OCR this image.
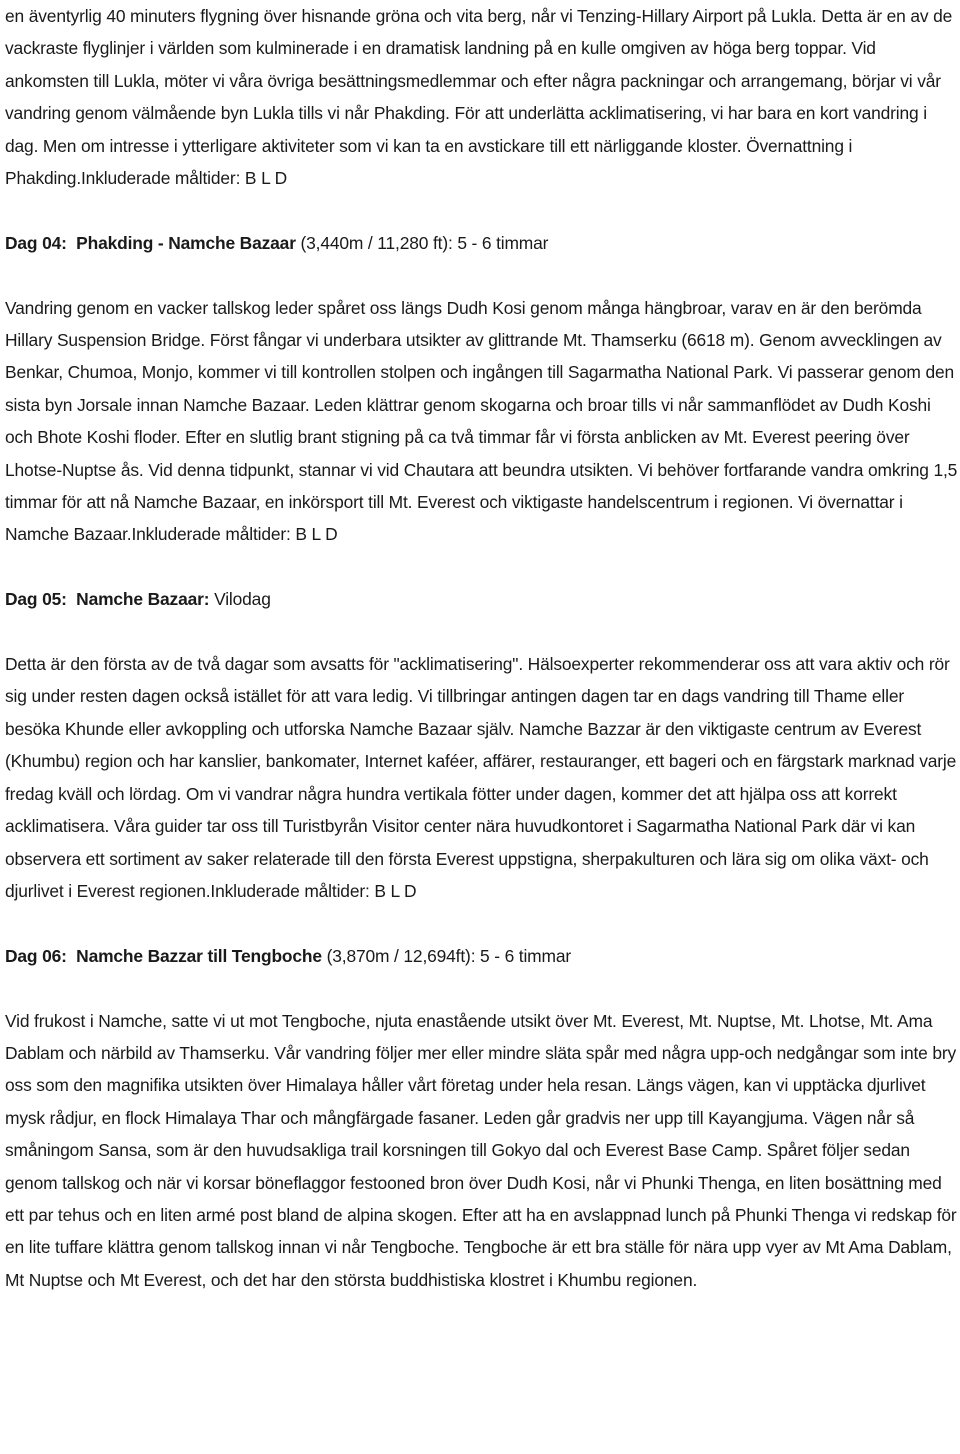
en äventyrlig 40 minuters flygning över hisnande gröna och vita berg, når vi Tenzing-Hillary Airport på Lukla. Detta är en av de vackraste flyglinjer i världen som kulminerade i en dramatisk landning på en kulle omgiven av höga berg toppar. Vid ankomsten till Lukla, möter vi våra övriga besättningsmedlemmar och efter några packningar och arrangemang, börjar vi vår vandring genom välmående byn Lukla tills vi når Phakding. För att underlätta acklimatisering, vi har bara en kort vandring i dag. Men om intresse i ytterligare aktiviteter som vi kan ta en avstickare till ett närliggande kloster. Övernattning i Phakding.Inkluderade måltider: B L D

Dag 04: Phakding - Namche Bazaar (3,440m / 11,280 ft): 5 - 6 timmar

Vandring genom en vacker tallskog leder spåret oss längs Dudh Kosi genom många hängbroar, varav en är den berömda Hillary Suspension Bridge. Först fångar vi underbara utsikter av glittrande Mt. Thamserku (6618 m). Genom avvecklingen av Benkar, Chumoa, Monjo, kommer vi till kontrollen stolpen och ingången till Sagarmatha National Park. Vi passerar genom den sista byn Jorsale innan Namche Bazaar. Leden klättrar genom skogarna och broar tills vi når sammanflödet av Dudh Koshi och Bhote Koshi floder. Efter en slutlig brant stigning på ca två timmar får vi första anblicken av Mt. Everest peering över Lhotse-Nuptse ås. Vid denna tidpunkt, stannar vi vid Chautara att beundra utsikten. Vi behöver fortfarande vandra omkring 1,5 timmar för att nå Namche Bazaar, en inkörsport till Mt. Everest och viktigaste handelscentrum i regionen. Vi övernattar i Namche Bazaar.Inkluderade måltider: B L D

Dag 05: Namche Bazaar: Vilodag

Detta är den första av de två dagar som avsatts för "acklimatisering". Hälsoexperter rekommenderar oss att vara aktiv och rör sig under resten dagen också istället för att vara ledig. Vi tillbringar antingen dagen tar en dags vandring till Thame eller besöka Khunde eller avkoppling och utforska Namche Bazaar själv. Namche Bazzar är den viktigaste centrum av Everest (Khumbu) region och har kanslier, bankomater, Internet kaféer, affärer, restauranger, ett bageri och en färgstark marknad varje fredag kväll och lördag. Om vi vandrar några hundra vertikala fötter under dagen, kommer det att hjälpa oss att korrekt acklimatisera. Våra guider tar oss till Turistbyrån Visitor center nära huvudkontoret i Sagarmatha National Park där vi kan observera ett sortiment av saker relaterade till den första Everest uppstigna, sherpakulturen och lära sig om olika växt- och djurlivet i Everest regionen.Inkluderade måltider: B L D

Dag 06: Namche Bazzar till Tengboche (3,870m / 12,694ft): 5 - 6 timmar

Vid frukost i Namche, satte vi ut mot Tengboche, njuta enastående utsikt över Mt. Everest, Mt. Nuptse, Mt. Lhotse, Mt. Ama Dablam och närbild av Thamserku. Vår vandring följer mer eller mindre släta spår med några upp-och nedgångar som inte bry oss som den magnifika utsikten över Himalaya håller vårt företag under hela resan. Längs vägen, kan vi upptäcka djurlivet mysk rådjur, en flock Himalaya Thar och mångfärgade fasaner. Leden går gradvis ner upp till Kayangjuma. Vägen når så småningom Sansa, som är den huvudsakliga trail korsningen till Gokyo dal och Everest Base Camp. Spåret följer sedan genom tallskog och när vi korsar böneflaggor festooned bron över Dudh Kosi, når vi Phunki Thenga, en liten bosättning med ett par tehus och en liten armé post bland de alpina skogen. Efter att ha en avslappnad lunch på Phunki Thenga vi redskap för en lite tuffare klättra genom tallskog innan vi når Tengboche. Tengboche är ett bra ställe för nära upp vyer av Mt Ama Dablam, Mt Nuptse och Mt Everest, och det har den största buddhistiska klostret i Khumbu regionen.
